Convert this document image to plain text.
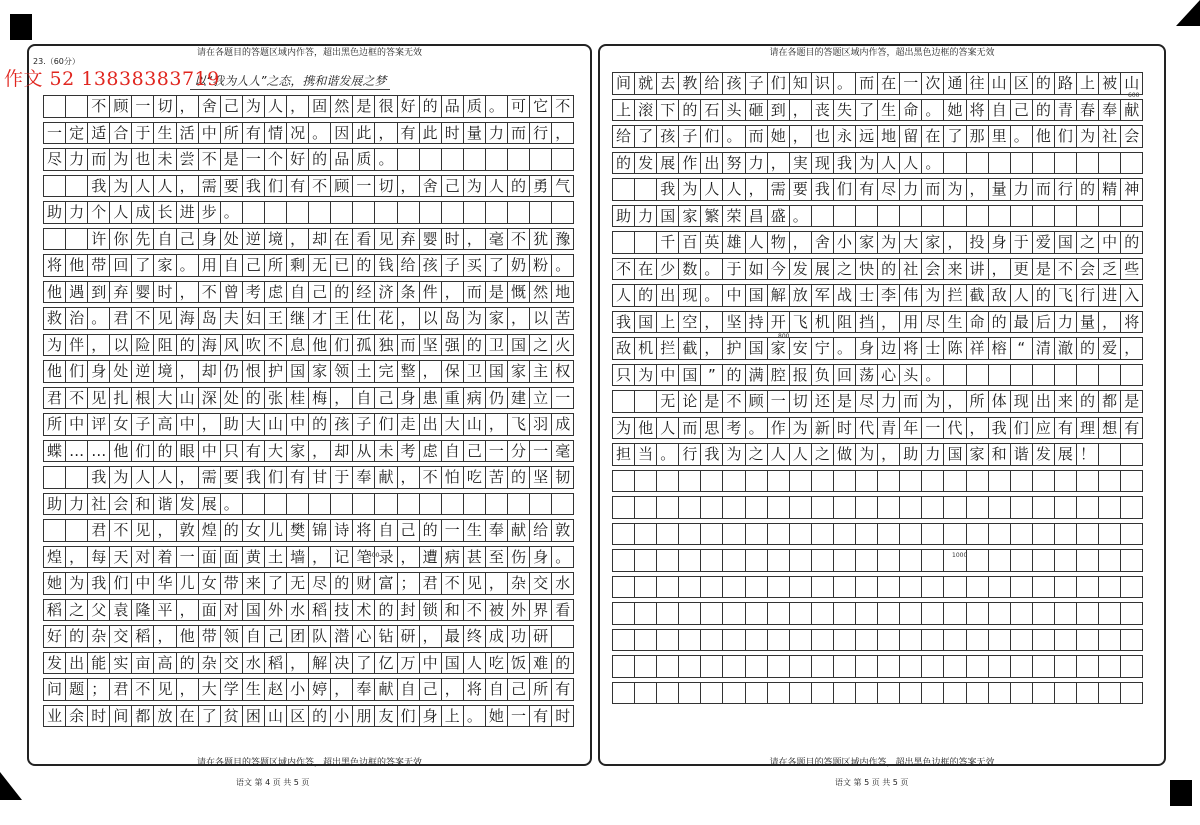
请在各题目的答题区域内作答，超出黑色边框的答案无效	请在各题目的答题区域内作答，超出黑色边框的答案无效
请在各题目的答题区域内作答，超出黑色边框的答案无效	请在各题目的答题区域内作答，超出黑色边框的答案无效
23.（60分）
以“我为人人”之态，携和谐发展之梦
作文 52 13838383719
不 顾 一 切 ， 舍 己 为 人 ， 固 然 是 很 好 的 品 质 。 可 它 不
一 定 适 合 于 生 活 中 所 有 情 况 。 因 此 ， 有 此 时 量 力 而 行 ，
尽 力 而 为 也 未 尝 不 是 一 个 好 的 品 质 。
我 为 人 人 ， 需 要 我 们 有 不 顾 一 切 ， 舍 己 为 人 的 勇 气
助 力 个 人 成 长 进 步 。
许 你 先 自 己 身 处 逆 境 ， 却 在 看 见 弃 婴 时 ， 毫 不 犹 豫
将 他 带 回 了 家 。 用 自 己 所 剩 无 已 的 钱 给 孩 子 买 了 奶 粉 。
他 遇 到 弃 婴 时 ， 不 曾 考 虑 自 己 的 经 济 条 件 ， 而 是 慨 然 地
救 治 。 君 不 见 海 岛 夫 妇 王 继 才 王 仕 花 ， 以 岛 为 家 ， 以 苦
为 伴 ， 以 险 阻 的 海 风 吹 不 息 他 们 孤 独 而 坚 强 的 卫 国 之 火
他 们 身 处 逆 境 ， 却 仍 恨 护 国 家 领 土 完 整 ， 保 卫 国 家 主 权
君 不 见 扎 根 大 山 深 处 的 张 桂 梅 ， 自 己 身 患 重 病 仍 建 立 一
所 中 评 女 子 高 中 ， 助 大 山 中 的 孩 子 们 走 出 大 山 ， 飞 羽 成
蝶 … … 他 们 的 眼 中 只 有 大 家 ， 却 从 未 考 虑 自 己 一 分 一 毫
我 为 人 人 ， 需 要 我 们 有 甘 于 奉 献 ， 不 怕 吃 苦 的 坚 韧
助 力 社 会 和 谐 发 展 。
君 不 见 ， 敦 煌 的 女 儿 樊 锦 诗 将 自 己 的 一 生 奉 献 给 敦
煌 ， 每 天 对 着 一 面 面 黄 土 墙 ， 记 笔 录 ， 遭 病 甚 至 伤 身 。
她 为 我 们 中 华 儿 女 带 来 了 无 尽 的 财 富 ； 君 不 见 ， 杂 交 水
稻 之 父 袁 隆 平 ， 面 对 国 外 水 稻 技 术 的 封 锁 和 不 被 外 界 看
好 的 杂 交 稻 ， 他 带 领 自 己 团 队 潜 心 钻 研 ， 最 终 成 功 研
发 出 能 实 亩 高 的 杂 交 水 稻 ， 解 决 了 亿 万 中 国 人 吃 饭 难 的
问 题 ； 君 不 见 ， 大 学 生 赵 小 婷 ， 奉 献 自 己 ， 将 自 己 所 有
业 余 时 间 都 放 在 了 贫 困 山 区 的 小 朋 友 们 身 上 。 她 一 有 时
间 就 去 教 给 孩 子 们 知 识 。 而 在 一 次 通 往 山 区 的 路 上 被 山
上 滚 下 的 石 头 砸 到 ， 丧 失 了 生 命 。 她 将 自 己 的 青 春 奉 献
给 了 孩 子 们 。 而 她 ， 也 永 远 地 留 在 了 那 里 。 他 们 为 社 会
的 发 展 作 出 努 力 ， 実 现 我 为 人 人 。
我 为 人 人 ， 需 要 我 们 有 尽 力 而 为 ， 量 力 而 行 的 精 神
助 力 国 家 繁 荣 昌 盛 。
千 百 英 雄 人 物 ， 舍 小 家 为 大 家 ， 投 身 于 爱 国 之 中 的
不 在 少 数 。 于 如 今 发 展 之 快 的 社 会 来 讲 ， 更 是 不 会 乏 些
人 的 出 现 。 中 国 解 放 军 战 士 李 伟 为 拦 截 敌 人 的 飞 行 进 入
我 国 上 空 ， 坚 持 开 飞 机 阻 挡 ， 用 尽 生 命 的 最 后 力 量 ， 将
敌 机 拦 截 ， 护 国 家 安 宁 。 身 边 将 士 陈 祥 榕 “ 清 澈 的 爱 ，
只 为 中 国 ” 的 满 腔 报 负 回 荡 心 头 。
无 论 是 不 顾 一 切 还 是 尽 力 而 为 ， 所 体 现 出 来 的 都 是
为 他 人 而 思 考 。 作 为 新 时 代 青 年 一 代 ， 我 们 应 有 理 想 有
担 当 。 行 我 为 之 人 人 之 做 为 ， 助 力 国 家 和 谐 发 展 ！
400
600
800
1000
语文 第 4 页 共 5 页	语文 第 5 页 共 5 页
